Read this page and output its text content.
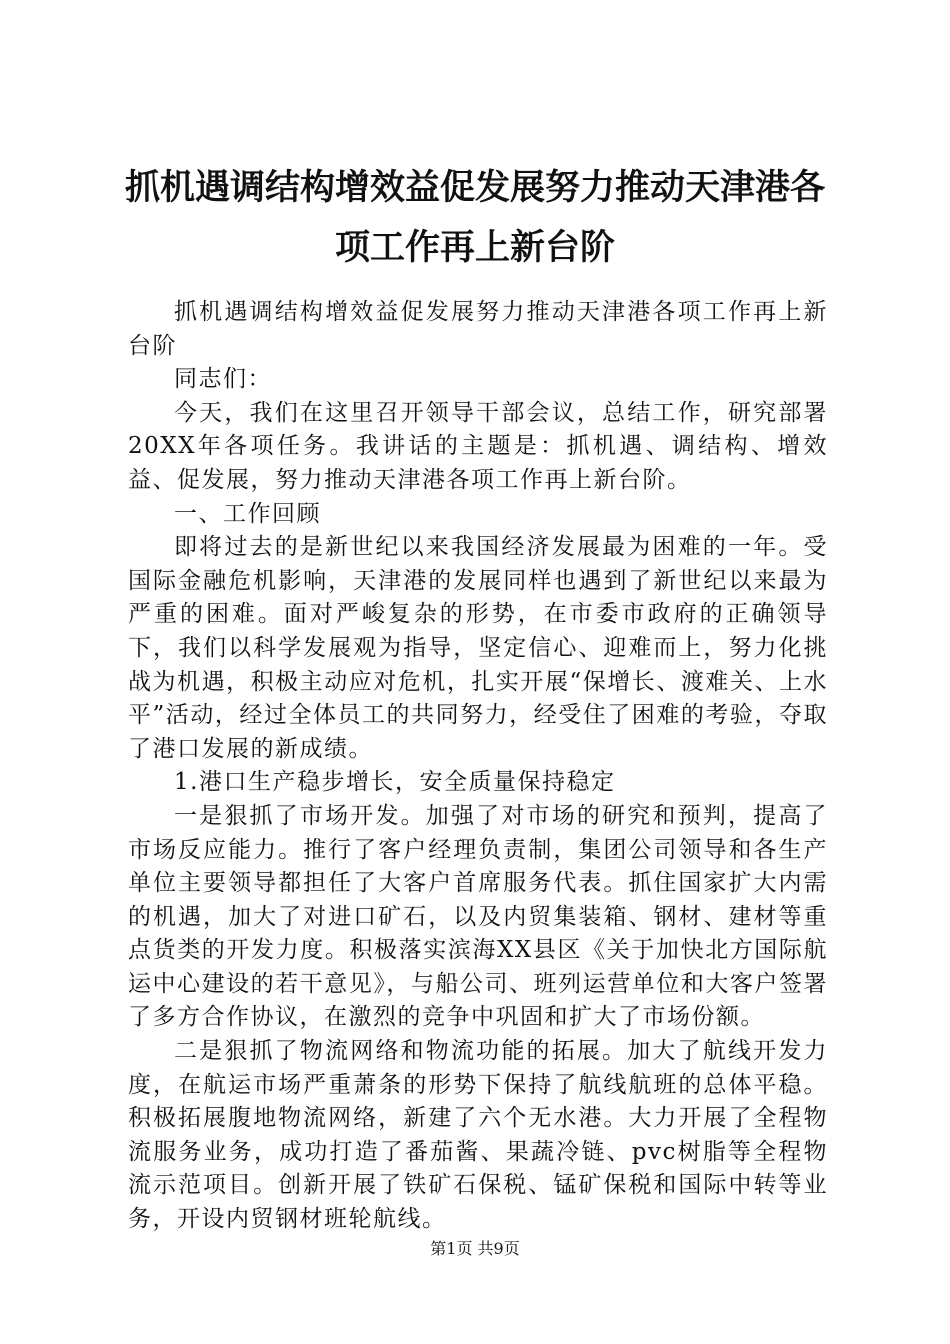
抓机遇调结构增效益促发展努力推动天津港各项工作再上新台阶

抓机遇调结构增效益促发展努力推动天津港各项工作再上新台阶

同志们：

今天，我们在这里召开领导干部会议，总结工作，研究部署20XX年各项任务。我讲话的主题是：抓机遇、调结构、增效益、促发展，努力推动天津港各项工作再上新台阶。

一、工作回顾

即将过去的是新世纪以来我国经济发展最为困难的一年。受国际金融危机影响，天津港的发展同样也遇到了新世纪以来最为严重的困难。面对严峻复杂的形势，在市委市政府的正确领导下，我们以科学发展观为指导，坚定信心、迎难而上，努力化挑战为机遇，积极主动应对危机，扎实开展“保增长、渡难关、上水平”活动，经过全体员工的共同努力，经受住了困难的考验，夺取了港口发展的新成绩。

1.港口生产稳步增长，安全质量保持稳定

一是狠抓了市场开发。加强了对市场的研究和预判，提高了市场反应能力。推行了客户经理负责制，集团公司领导和各生产单位主要领导都担任了大客户首席服务代表。抓住国家扩大内需的机遇，加大了对进口矿石，以及内贸集装箱、钢材、建材等重点货类的开发力度。积极落实滨海XX县区《关于加快北方国际航运中心建设的若干意见》，与船公司、班列运营单位和大客户签署了多方合作协议，在激烈的竞争中巩固和扩大了市场份额。

二是狠抓了物流网络和物流功能的拓展。加大了航线开发力度，在航运市场严重萧条的形势下保持了航线航班的总体平稳。积极拓展腹地物流网络，新建了六个无水港。大力开展了全程物流服务业务，成功打造了番茄酱、果蔬冷链、pvc树脂等全程物流示范项目。创新开展了铁矿石保税、锰矿保税和国际中转等业务，开设内贸钢材班轮航线。

第1页 共9页
